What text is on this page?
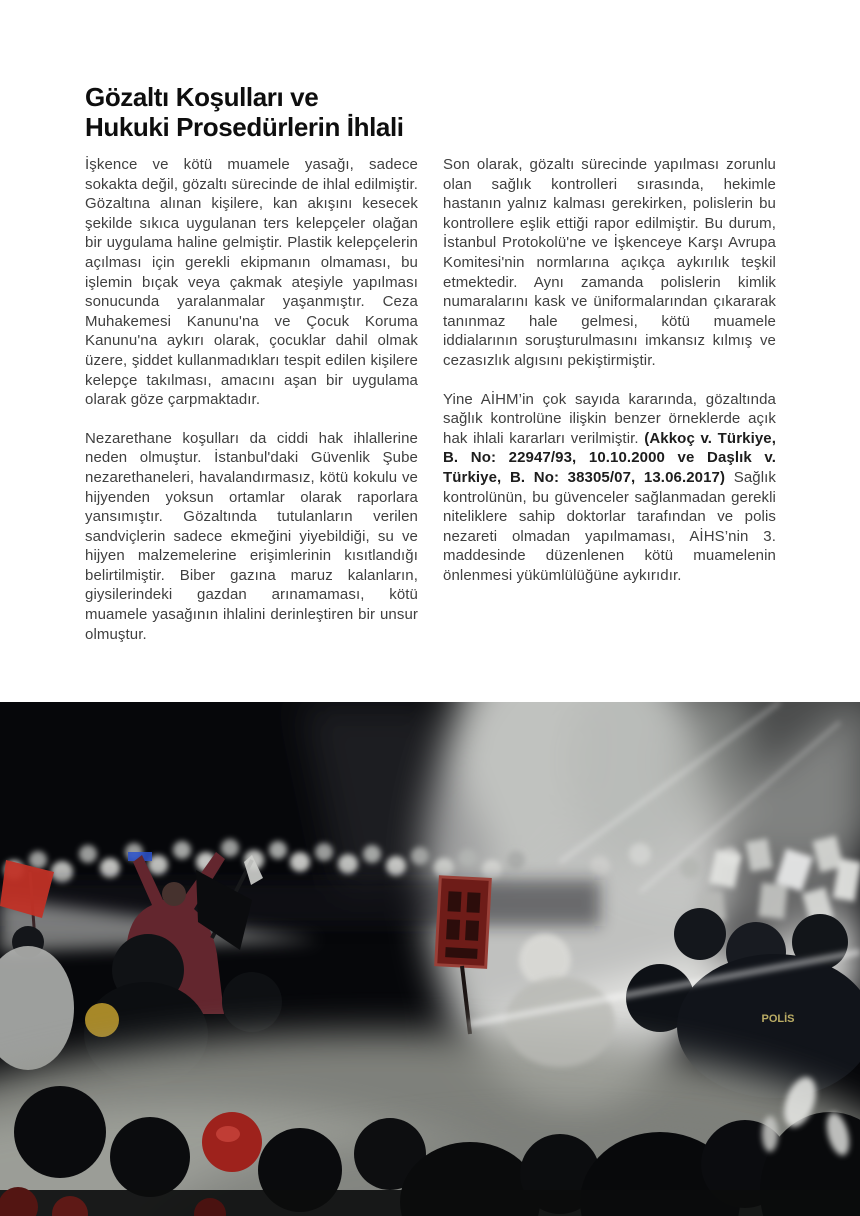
Gözaltı Koşulları ve
Hukuki Prosedürlerin İhlali

İşkence ve kötü muamele yasağı, sadece sokakta değil, gözaltı sürecinde de ihlal edilmiştir. Gözaltına alınan kişilere, kan akışını kesecek şekilde sıkıca uygulanan ters kelepçeler olağan bir uygulama haline gelmiştir. Plastik kelepçelerin açılması için gerekli ekipmanın olmaması, bu işlemin bıçak veya çakmak ateşiyle yapılması sonucunda yaralanmalar yaşanmıştır. Ceza Muhakemesi Kanunu'na ve Çocuk Koruma Kanunu'na aykırı olarak, çocuklar dahil olmak üzere, şiddet kullanmadıkları tespit edilen kişilere kelepçe takılması, amacını aşan bir uygulama olarak göze çarpmaktadır.

Nezarethane koşulları da ciddi hak ihlallerine neden olmuştur. İstanbul'daki Güvenlik Şube nezarethaneleri, havalandırmasız, kötü kokulu ve hijyenden yoksun ortamlar olarak raporlara yansımıştır. Gözaltında tutulanların verilen sandviçlerin sadece ekmeğini yiyebildiği, su ve hijyen malzemelerine erişimlerinin kısıtlandığı belirtilmiştir. Biber gazına maruz kalanların, giysilerindeki gazdan arınamaması, kötü muamele yasağının ihlalini derinleştiren bir unsur olmuştur.

Son olarak, gözaltı sürecinde yapılması zorunlu olan sağlık kontrolleri sırasında, hekimle hastanın yalnız kalması gerekirken, polislerin bu kontrollere eşlik ettiği rapor edilmiştir. Bu durum, İstanbul Protokolü'ne ve İşkenceye Karşı Avrupa Komitesi'nin normlarına açıkça aykırılık teşkil etmektedir. Aynı zamanda polislerin kimlik numaralarını kask ve üniformalarından çıkararak tanınmaz hale gelmesi, kötü muamele iddialarının soruşturulmasını imkansız kılmış ve cezasızlık algısını pekiştirmiştir.

Yine AİHM’in çok sayıda kararında, gözaltında sağlık kontrolüne ilişkin benzer örneklerde açık hak ihlali kararları verilmiştir. (Akkoç v. Türkiye, B. No: 22947/93, 10.10.2000 ve Daşlık v. Türkiye, B. No: 38305/07, 13.06.2017) Sağlık kontrolünün, bu güvenceler sağlanmadan gerekli niteliklere sahip doktorlar tarafından ve polis nezareti olmadan yapılmaması, AİHS’nin 3. maddesinde düzenlenen kötü muamelenin önlenmesi yükümlülüğüne aykırıdır.

POLİS
